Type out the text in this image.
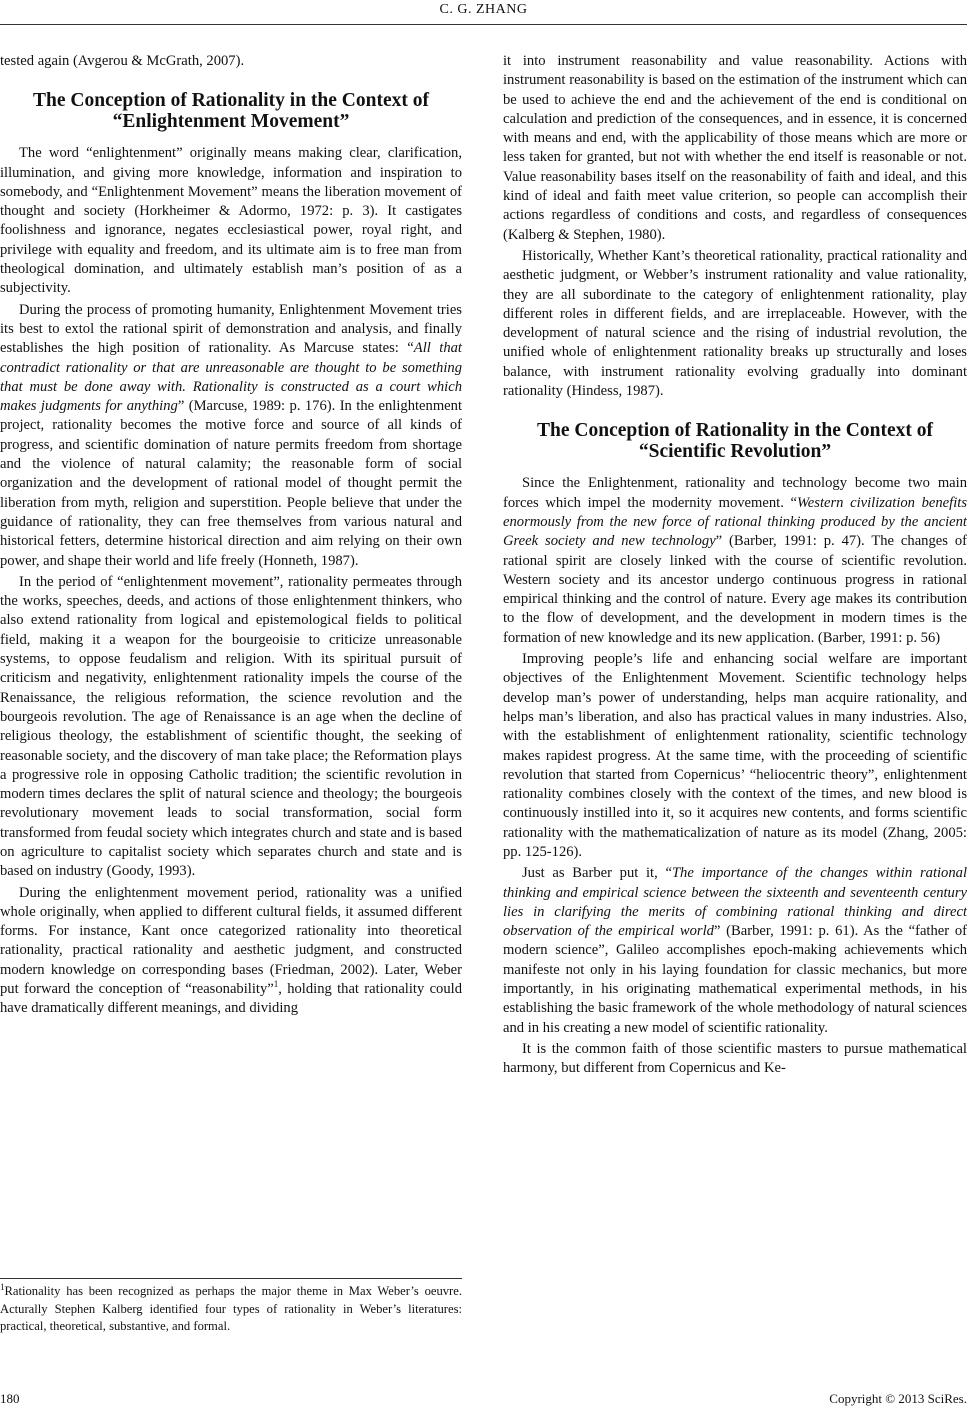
C. G. ZHANG

tested again (Avgerou & McGrath, 2007).

The Conception of Rationality in the Context of “Enlightenment Movement”

The word “enlightenment” originally means making clear, clarification, illumination, and giving more knowledge, information and inspiration to somebody, and “Enlightenment Movement” means the liberation movement of thought and society (Horkheimer & Adormo, 1972: p. 3). It castigates foolishness and ignorance, negates ecclesiastical power, royal right, and privilege with equality and freedom, and its ultimate aim is to free man from theological domination, and ultimately establish man’s position of as a subjectivity.

During the process of promoting humanity, Enlightenment Movement tries its best to extol the rational spirit of demonstration and analysis, and finally establishes the high position of rationality. As Marcuse states: “All that contradict rationality or that are unreasonable are thought to be something that must be done away with. Rationality is constructed as a court which makes judgments for anything” (Marcuse, 1989: p. 176). In the enlightenment project, rationality becomes the motive force and source of all kinds of progress, and scientific domination of nature permits freedom from shortage and the violence of natural calamity; the reasonable form of social organization and the development of rational model of thought permit the liberation from myth, religion and superstition. People believe that under the guidance of rationality, they can free themselves from various natural and historical fetters, determine historical direction and aim relying on their own power, and shape their world and life freely (Honneth, 1987).

In the period of “enlightenment movement”, rationality permeates through the works, speeches, deeds, and actions of those enlightenment thinkers, who also extend rationality from logical and epistemological fields to political field, making it a weapon for the bourgeoisie to criticize unreasonable systems, to oppose feudalism and religion. With its spiritual pursuit of criticism and negativity, enlightenment rationality impels the course of the Renaissance, the religious reformation, the science revolution and the bourgeois revolution. The age of Renaissance is an age when the decline of religious theology, the establishment of scientific thought, the seeking of reasonable society, and the discovery of man take place; the Reformation plays a progressive role in opposing Catholic tradition; the scientific revolution in modern times declares the split of natural science and theology; the bourgeois revolutionary movement leads to social transformation, social form transformed from feudal society which integrates church and state and is based on agriculture to capitalist society which separates church and state and is based on industry (Goody, 1993).

During the enlightenment movement period, rationality was a unified whole originally, when applied to different cultural fields, it assumed different forms. For instance, Kant once categorized rationality into theoretical rationality, practical rationality and aesthetic judgment, and constructed modern knowledge on corresponding bases (Friedman, 2002). Later, Weber put forward the conception of “reasonability”$^1$, holding that rationality could have dramatically different meanings, and dividing

it into instrument reasonability and value reasonability. Actions with instrument reasonability is based on the estimation of the instrument which can be used to achieve the end and the achievement of the end is conditional on calculation and prediction of the consequences, and in essence, it is concerned with means and end, with the applicability of those means which are more or less taken for granted, but not with whether the end itself is reasonable or not. Value reasonability bases itself on the reasonability of faith and ideal, and this kind of ideal and faith meet value criterion, so people can accomplish their actions regardless of conditions and costs, and regardless of consequences (Kalberg & Stephen, 1980).

Historically, Whether Kant’s theoretical rationality, practical rationality and aesthetic judgment, or Webber’s instrument rationality and value rationality, they are all subordinate to the category of enlightenment rationality, play different roles in different fields, and are irreplaceable. However, with the development of natural science and the rising of industrial revolution, the unified whole of enlightenment rationality breaks up structurally and loses balance, with instrument rationality evolving gradually into dominant rationality (Hindess, 1987).

The Conception of Rationality in the Context of “Scientific Revolution”

Since the Enlightenment, rationality and technology become two main forces which impel the modernity movement. “Western civilization benefits enormously from the new force of rational thinking produced by the ancient Greek society and new technology” (Barber, 1991: p. 47). The changes of rational spirit are closely linked with the course of scientific revolution. Western society and its ancestor undergo continuous progress in rational empirical thinking and the control of nature. Every age makes its contribution to the flow of development, and the development in modern times is the formation of new knowledge and its new application. (Barber, 1991: p. 56)

Improving people’s life and enhancing social welfare are important objectives of the Enlightenment Movement. Scientific technology helps develop man’s power of understanding, helps man acquire rationality, and helps man’s liberation, and also has practical values in many industries. Also, with the establishment of enlightenment rationality, scientific technology makes rapidest progress. At the same time, with the proceeding of scientific revolution that started from Copernicus’ “heliocentric theory”, enlightenment rationality combines closely with the context of the times, and new blood is continuously instilled into it, so it acquires new contents, and forms scientific rationality with the mathematicalization of nature as its model (Zhang, 2005: pp. 125-126).

Just as Barber put it, “The importance of the changes within rational thinking and empirical science between the sixteenth and seventeenth century lies in clarifying the merits of combining rational thinking and direct observation of the empirical world” (Barber, 1991: p. 61). As the “father of modern science”, Galileo accomplishes epoch-making achievements which manifeste not only in his laying foundation for classic mechanics, but more importantly, in his originating mathematical experimental methods, in his establishing the basic framework of the whole methodology of natural sciences and in his creating a new model of scientific rationality.

It is the common faith of those scientific masters to pursue mathematical harmony, but different from Copernicus and Ke-

$^1$Rationality has been recognized as perhaps the major theme in Max Weber’s oeuvre. Acturally Stephen Kalberg identified four types of rationality in Weber’s literatures: practical, theoretical, substantive, and formal.
180	Copyright © 2013 SciRes.
